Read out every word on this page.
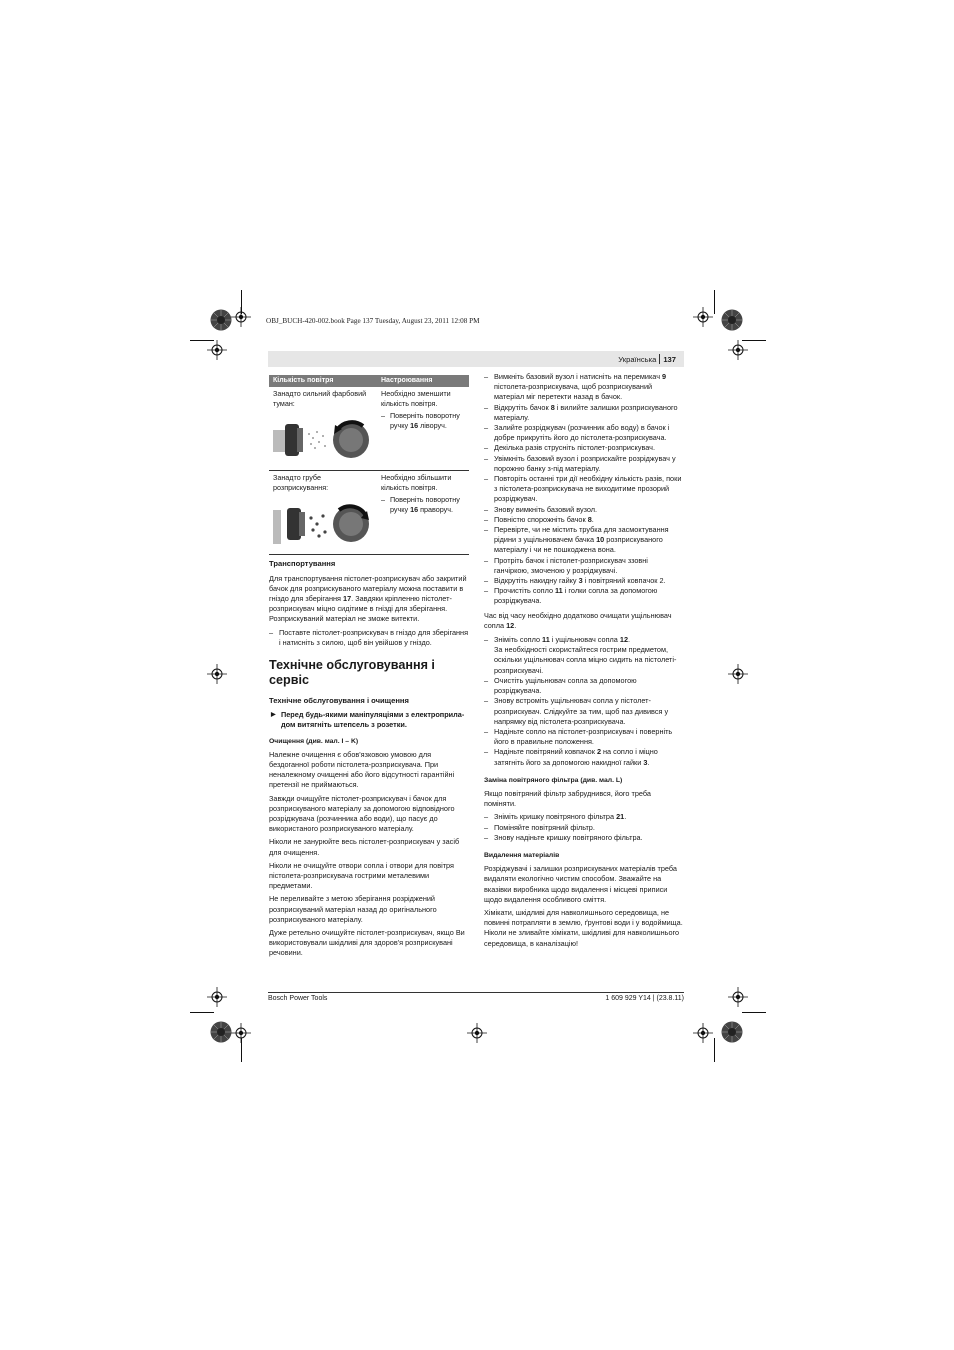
OBJ_BUCH-420-002.book Page 137 Tuesday, August 23, 2011 12:08 PM
Українська 137
Кількість повітря	Настроювання

Занадто сильний фарбовий туман:	Необхідно зменшити кількість повітря.
– Поверніть поворотну ручку 16 ліворуч.

Занадто грубе розприскування:	Необхідно збільшити кількість повітря.
– Поверніть поворотну ручку 16 праворуч.
Транспортування

Для транспортування пістолет-розприскувач або закритий бачок для розприскуваного матеріалу можна поставити в гніздо для зберігання 17. Завдяки кріпленню пістолет-розприскувач міцно сидітиме в гнізді для зберігання. Розприскуваний матеріал не зможе витекти.

– Поставте пістолет-розприскувач в гніздо для зберігання і натисніть з силою, щоб він увійшов у гніздо.
Технічне обслуговування і сервіс
Технічне обслуговування і очищення
▶ Перед будь-якими маніпуляціями з електроприла-дом витягніть штепсель з розетки.
Очищення (див. мал. I – K)

Належне очищення є обов'язковою умовою для бездоганної роботи пістолета-розприскувача. При неналежному очищенні або його відсутності гарантійні претензії не приймаються.

Завжди очищуйте пістолет-розприскувач і бачок для розприскуваного матеріалу за допомогою відповідного розріджувача (розчинника або води), що пасує до використаного розприскуваного матеріалу.

Ніколи не занурюйте весь пістолет-розприскувач у засіб для очищення.

Ніколи не очищуйте отвори сопла і отвори для повітря пістолета-розприскувача гострими металевими предметами.

Не переливайте з метою зберігання розріджений розприскуваний матеріал назад до оригінального розприскуваного матеріалу.

Дуже ретельно очищуйте пістолет-розприскувач, якщо Ви використовували шкідливі для здоров'я розприскувані речовини.

– Вимкніть базовий вузол і натисніть на перемикач 9 пістолета-розприскувача, щоб розприскуваний матеріал міг перетекти назад в бачок.
– Відкрутіть бачок 8 і вилийте залишки розприскуваного матеріалу.
– Залийте розріджувач (розчинник або воду) в бачок і добре прикрутіть його до пістолета-розприскувача.
– Декілька разів струсніть пістолет-розприскувач.
– Увімкніть базовий вузол і розприскайте розріджувач у порожню банку з-під матеріалу.
– Повторіть останні три дії необхідну кількість разів, поки з пістолета-розприскувача не виходитиме прозорий розріджувач.
– Знову вимкніть базовий вузол.
– Повністю спорожніть бачок 8.
– Перевірте, чи не містить трубка для засмоктування рідини з ущільнювачем бачка 10 розприскуваного матеріалу і чи не пошкоджена вона.
– Протріть бачок і пістолет-розприскувач ззовні ганчіркою, змоченою у розріджувачі.
– Відкрутіть накидну гайку 3 і повітряний ковпачок 2.
– Прочистіть сопло 11 і голки сопла за допомогою розріджувача.

Час від часу необхідно додатково очищати ущільнювач сопла 12.

– Зніміть сопло 11 і ущільнювач сопла 12.
За необхідності скористайтеся гострим предметом, оскільки ущільнювач сопла міцно сидить на пістолеті-розприскувачі.
– Очистіть ущільнювач сопла за допомогою розріджувача.
– Знову встромiть ущільнювач сопла у пістолет-розприскувач. Слідкуйте за тим, щоб паз дивився у напрямку від пістолета-розприскувача.
– Надіньте сопло на пістолет-розприскувач і поверніть його в правильне положення.
– Надіньте повітряний ковпачок 2 на сопло і міцно затягніть його за допомогою накидної гайки 3.
Заміна повітряного фільтра (див. мал. L)

Якщо повітряний фільтр забруднився, його треба поміняти.

– Зніміть кришку повітряного фільтра 21.
– Поміняйте повітряний фільтр.
– Знову надіньте кришку повітряного фільтра.
Видалення матеріалів

Розріджувачі і залишки розприскуваних матеріалів треба видаляти екологічно чистим способом. Зважайте на вказівки виробника щодо видалення і місцеві приписи щодо видалення особливого сміття.

Хімікати, шкідливі для навколишнього середовища, не повинні потрапляти в землю, ґрунтові води і у водоймища. Ніколи не зливайте хімікати, шкідливі для навколишнього середовища, в каналізацію!

Bosch Power Tools	1 609 929 Y14 | (23.8.11)
